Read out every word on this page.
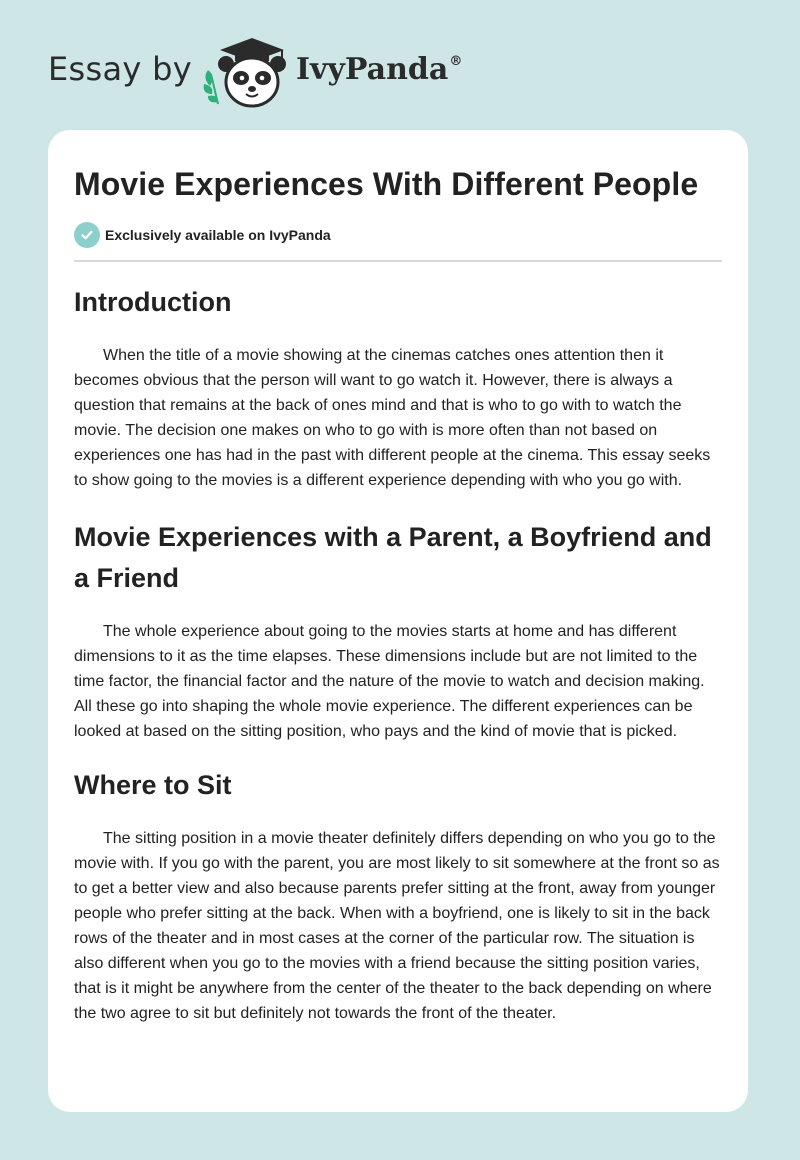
Essay by	IvyPanda®
Movie Experiences With Different People
Exclusively available on IvyPanda
Introduction

When the title of a movie showing at the cinemas catches ones attention then it becomes obvious that the person will want to go watch it. However, there is always a question that remains at the back of ones mind and that is who to go with to watch the movie. The decision one makes on who to go with is more often than not based on experiences one has had in the past with different people at the cinema. This essay seeks to show going to the movies is a different experience depending with who you go with.

Movie Experiences with a Parent, a Boyfriend and a Friend

The whole experience about going to the movies starts at home and has different dimensions to it as the time elapses. These dimensions include but are not limited to the time factor, the financial factor and the nature of the movie to watch and decision making. All these go into shaping the whole movie experience. The different experiences can be looked at based on the sitting position, who pays and the kind of movie that is picked.

Where to Sit

The sitting position in a movie theater definitely differs depending on who you go to the movie with. If you go with the parent, you are most likely to sit somewhere at the front so as to get a better view and also because parents prefer sitting at the front, away from younger people who prefer sitting at the back. When with a boyfriend, one is likely to sit in the back rows of the theater and in most cases at the corner of the particular row. The situation is also different when you go to the movies with a friend because the sitting position varies, that is it might be anywhere from the center of the theater to the back depending on where the two agree to sit but definitely not towards the front of the theater.
